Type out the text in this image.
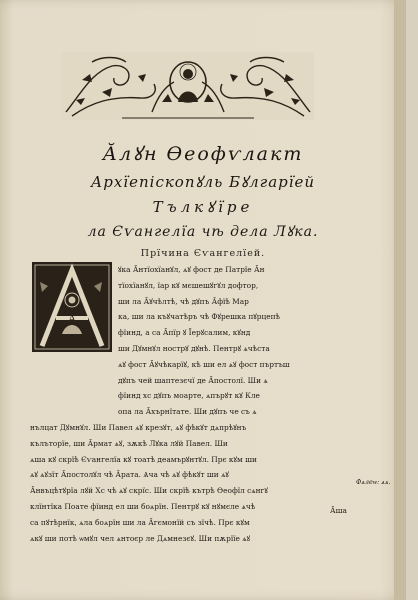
Ӑлꙋн Ѳеофѵлакт
Архїепіскопꙋль Бꙋлгарїей
Тълкꙋїре
ла Єѵангелїа чѣ дела Лꙋка.
Прїчина Єѵангелїей.
А
ꙋка Ӑнтїохїанꙋл, ѧꙋ фост де Патрїе Ӑн
тїохїанꙋл, їар кꙋ мєшешꙋгꙋл дофтор,
ши ла Ӑꙋчѣлтѣ, чѣ дꙋпъ Ӑфїѣ Мар
ка, ши ла къꙋчатѣръ чѣ Фꙋрешка пꙋрцепѣ
фїинд, а са Ӑпїр ꙋ Їерꙋсалим, кꙋнд
ши Дꙋмнꙋл нострꙋ дꙋнѣ. Пентрꙋ ѧчѣста
ѧꙋ фост Ӑꙋчѣкарїꙋ, кѣ ши ел ѧꙋ фост пъртъш
дꙋпъ чей шаптезєчї де Ӑпостолї. Ши ѧ
фїинд хс дꙋпъ моарте, ѧпърꙋт кꙋ Кле
опа ла Ӑхърнїтате. Ши дꙋпъ че съ ѧ
нълцат Дꙋмнꙋл. Ши Павел ѧꙋ крезꙋт, ѧꙋ фѣкꙋт дѧпрѣꙋнъ
кълъторїе, ши Ӑрмат ѧꙋ, зѫкѣ Лꙋка лꙋй Павел. Ши
ѧша кꙋ скрїѣ Єѵангелїа кꙋ тоатѣ деамърꙋнтꙋл. Прє кꙋм ши
ѧꙋ ѧꙋзїт Ӑпостолꙋл чѣ Ӑрата. Ѧча чѣ ѧꙋ фѣкꙋт ши ѧꙋ
Ӑнвъцѣтꙋрїа лꙋй Хс чѣ ѧꙋ скрїс. Ши скрїѣ кътрѣ Ѳеофїл сѧнгꙋ
клїнтїка Поате фїинд ел ши боѧрїн. Пентрꙋ кꙋ нꙋмєле ѧчѣ
са пꙋтѣрнїк, ѧла боѧрїн ши ла Ӑгємонїй съ зїчѣ. Прє кꙋм
ѧкꙋ ши потѣ ѡмꙋл чел ѧнтоєр ле Дѧмнезєꙋ. Ши пѫрїїе ѧꙋ
Фѧлеѡ: ѧѧ.
Ӑша
